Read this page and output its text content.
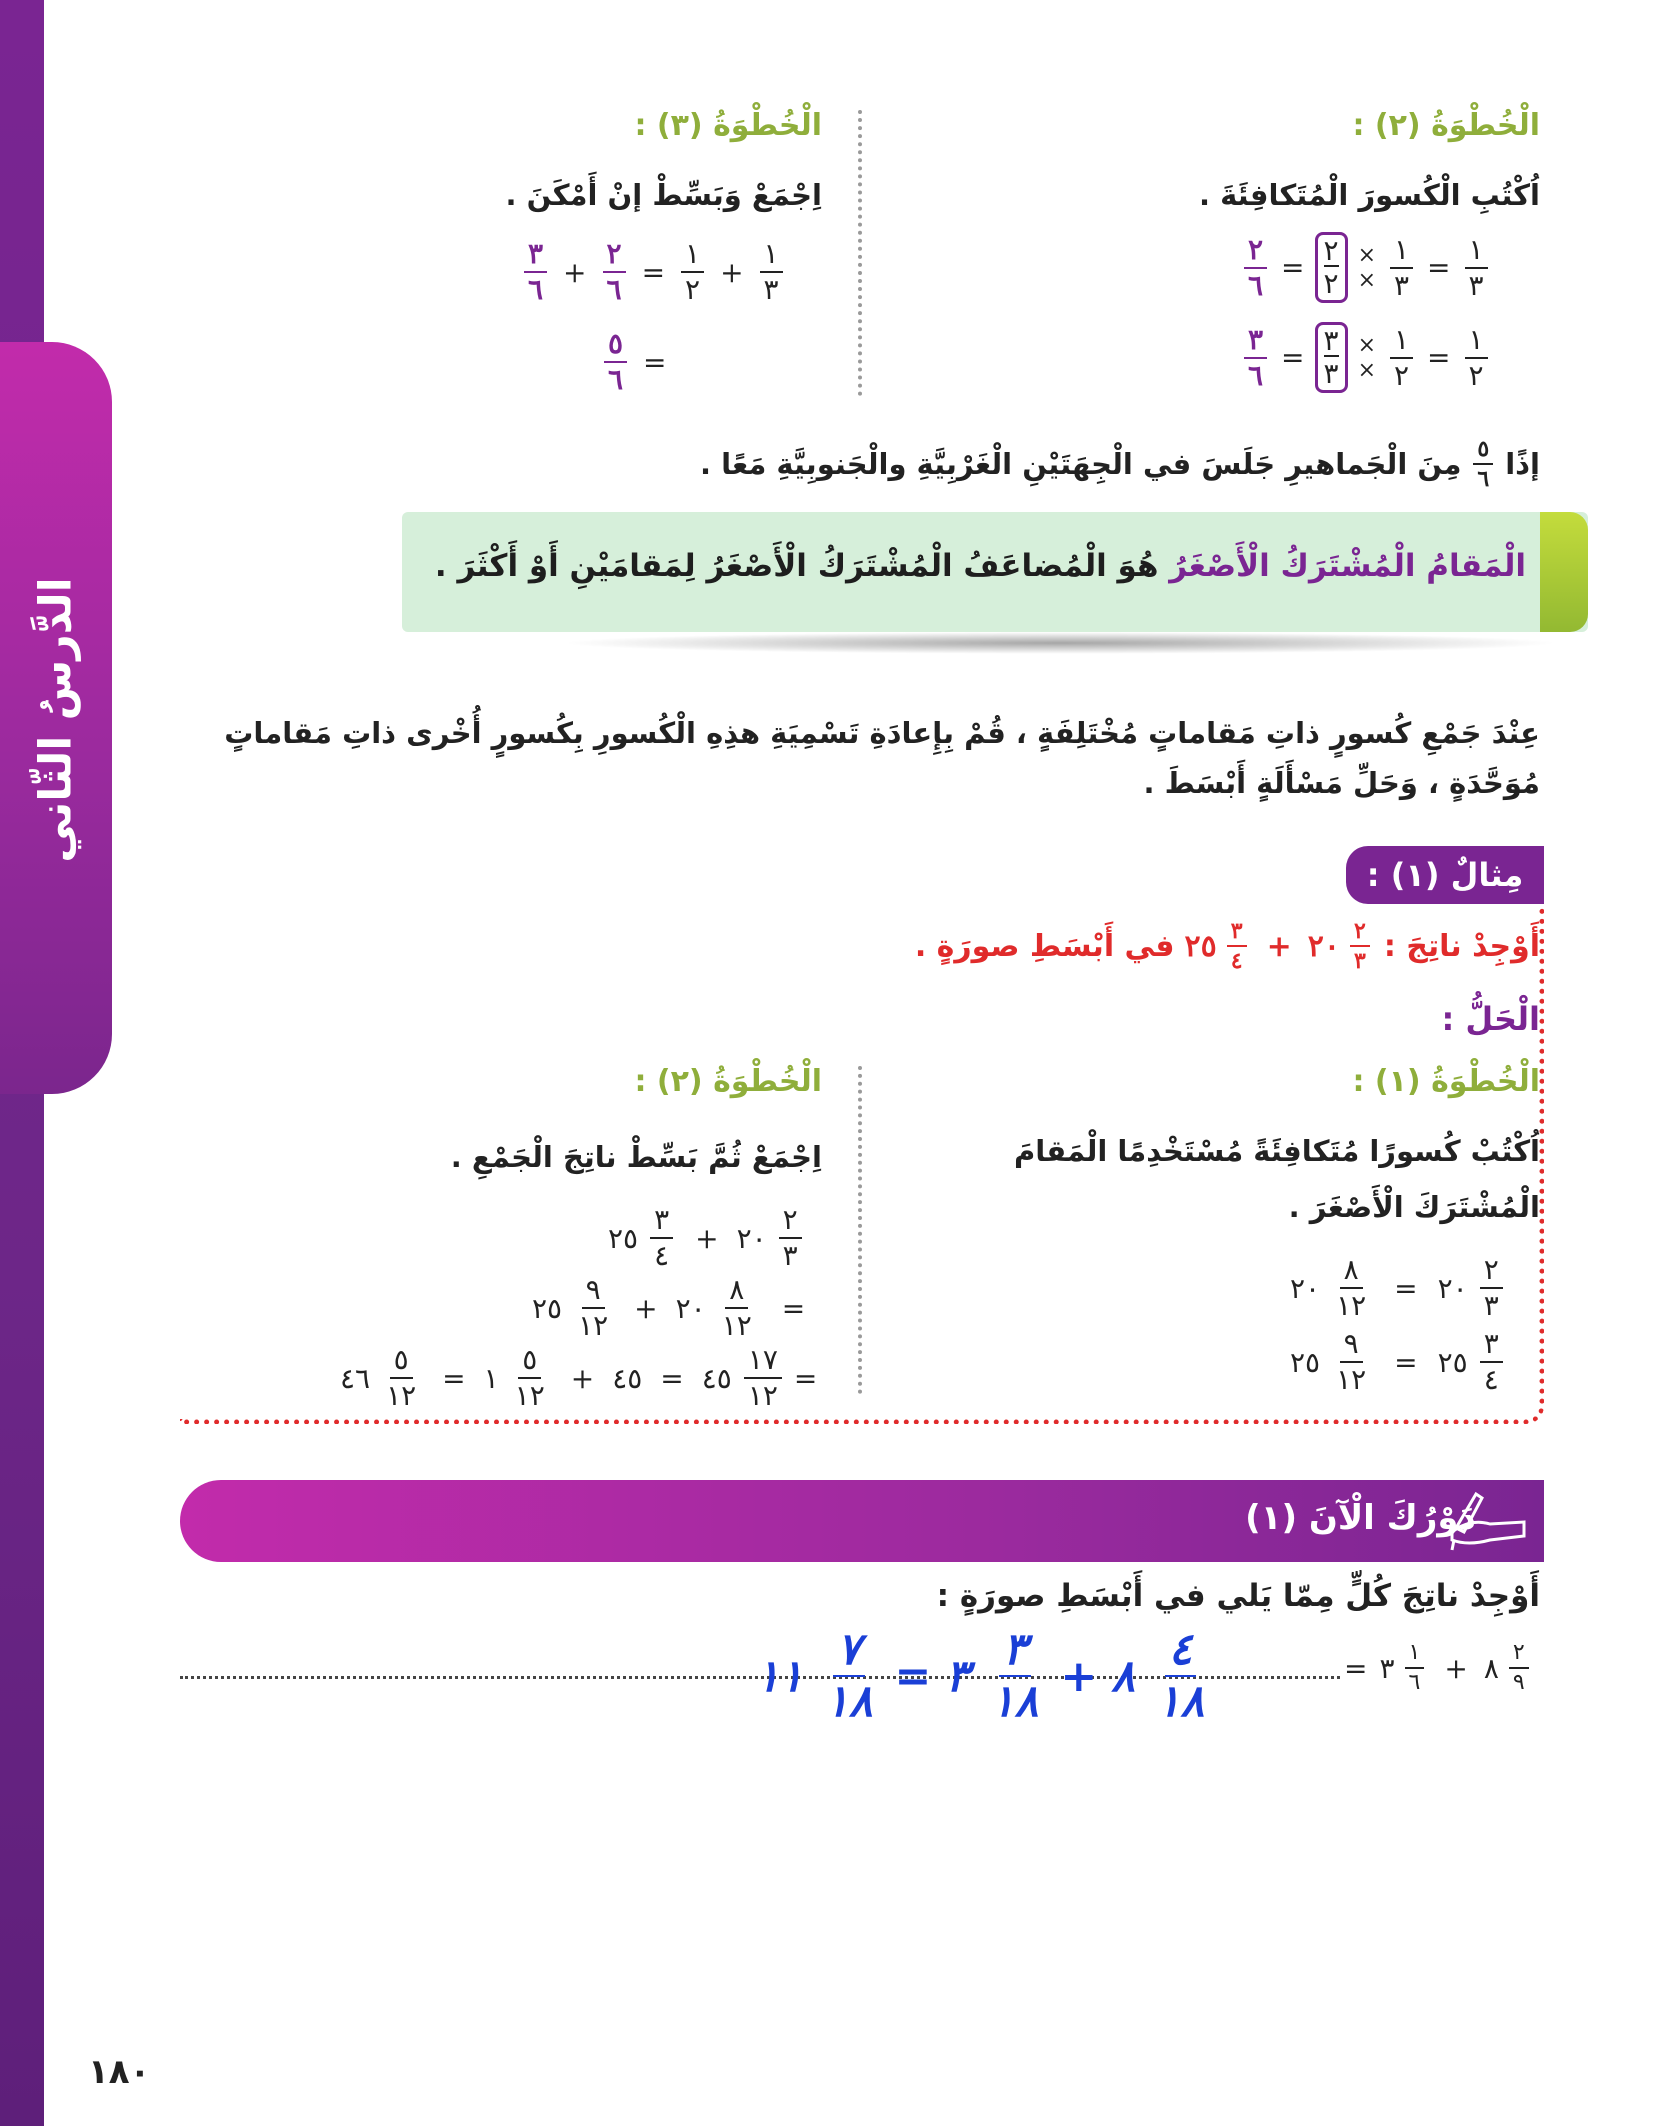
الدَّرسُ الثّاني
الْخُطْوَةُ (٢) :
اُكْتُبِ الْكُسورَ الْمُتَكافِئَةَ .
$\frac{٢}{٦} = \frac{٢}{٢}$ ×
× $\frac{١}{٣} = \frac{١}{٣}$
$\frac{٣}{٦} = \frac{٣}{٣}$ ×
× $\frac{١}{٢} = \frac{١}{٢}$
الْخُطْوَةُ (٣) :
اِجْمَعْ وَبَسِّطْ إنْ أَمْكَنَ .
$\frac{٣}{٦} + \frac{٢}{٦} = \frac{١}{٢} + \frac{١}{٣}$
$\frac{٥}{٦}$ =
إذًا
$\frac{٥}{٦}$
مِنَ الْجَماهيرِ جَلَسَ في الْجِهَتَيْنِ الْغَرْبِيَّةِ والْجَنوبِيَّةِ مَعًا .
الْمَقامُ الْمُشْتَرَكُ الْأَصْغَرُ هُوَ الْمُضاعَفُ الْمُشْتَرَكُ الْأَصْغَرُ لِمَقامَيْنِ أَوْ أَكْثَرَ .
عِنْدَ جَمْعِ كُسورٍ ذاتِ مَقاماتٍ مُخْتَلِفَةٍ ، قُمْ بِإِعادَةِ تَسْمِيَةِ هذِهِ الْكُسورِ بِكُسورٍ أُخْرى ذاتِ مَقاماتٍ مُوَحَّدَةٍ ، وَحَلِّ مَسْأَلَةٍ أَبْسَطَ .
مِثالٌ (١) :
أَوْجِدْ ناتِجَ :
٢٥ $\frac{٣}{٤}$ + ٢٠ $\frac{٢}{٣}$
في أَبْسَطِ صورَةٍ .
الْحَلُّ :
الْخُطْوَةُ (١) :
اُكْتُبْ كُسورًا مُتَكافِئَةً مُسْتَخْدِمًا الْمَقامَ
الْمُشْتَرَكَ الْأَصْغَرَ .
٢٠ $\frac{٨}{١٢}$ = ٢٠ $\frac{٢}{٣}$
٢٥ $\frac{٩}{١٢}$ = ٢٥ $\frac{٣}{٤}$
الْخُطْوَةُ (٢) :
اِجْمَعْ ثُمَّ بَسِّطْ ناتِجَ الْجَمْعِ .
٢٥ $\frac{٣}{٤}$ + ٢٠ $\frac{٢}{٣}$
٢٥ $\frac{٩}{١٢}$ + ٢٠ $\frac{٨}{١٢}$ =
٤٦ $\frac{٥}{١٢}$ = ١ $\frac{٥}{١٢}$ + ٤٥ = ٤٥ $\frac{١٧}{١٢}$ =
دَوْرُكَ الْآنَ (١)
أَوْجِدْ ناتِجَ كُلٍّ مِمّا يَلي في أَبْسَطِ صورَةٍ :
= ٣ $\frac{١}{٦}$ + ٨ $\frac{٢}{٩}$
١١ $\frac{٧}{١٨}$ = ٣ $\frac{٣}{١٨}$ + ٨ $\frac{٤}{١٨}$
١٨٠
